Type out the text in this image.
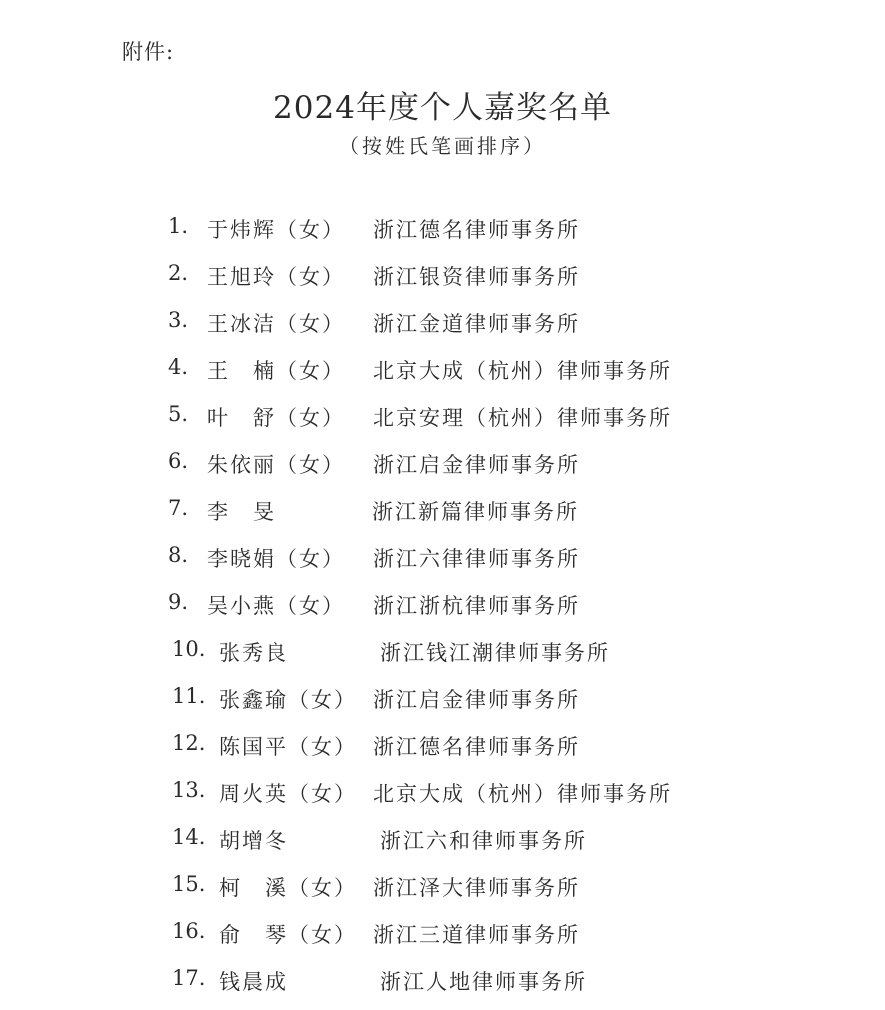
附件:
2024年度个人嘉奖名单
（按姓氏笔画排序）
1. 于炜辉（女） 浙江德名律师事务所
2. 王旭玲（女） 浙江银资律师事务所
3. 王冰洁（女） 浙江金道律师事务所
4. 王　楠（女） 北京大成（杭州）律师事务所
5. 叶　舒（女） 北京安理（杭州）律师事务所
6. 朱依丽（女） 浙江启金律师事务所
7. 李　旻	浙江新篇律师事务所
8. 李晓娟（女） 浙江六律律师事务所
9. 吴小燕（女） 浙江浙杭律师事务所
10. 张秀良	浙江钱江潮律师事务所
11. 张鑫瑜（女） 浙江启金律师事务所
12. 陈国平（女） 浙江德名律师事务所
13. 周火英（女） 北京大成（杭州）律师事务所
14. 胡增冬	浙江六和律师事务所
15. 柯　溪（女） 浙江泽大律师事务所
16. 俞　琴（女） 浙江三道律师事务所
17. 钱晨成	浙江人地律师事务所
